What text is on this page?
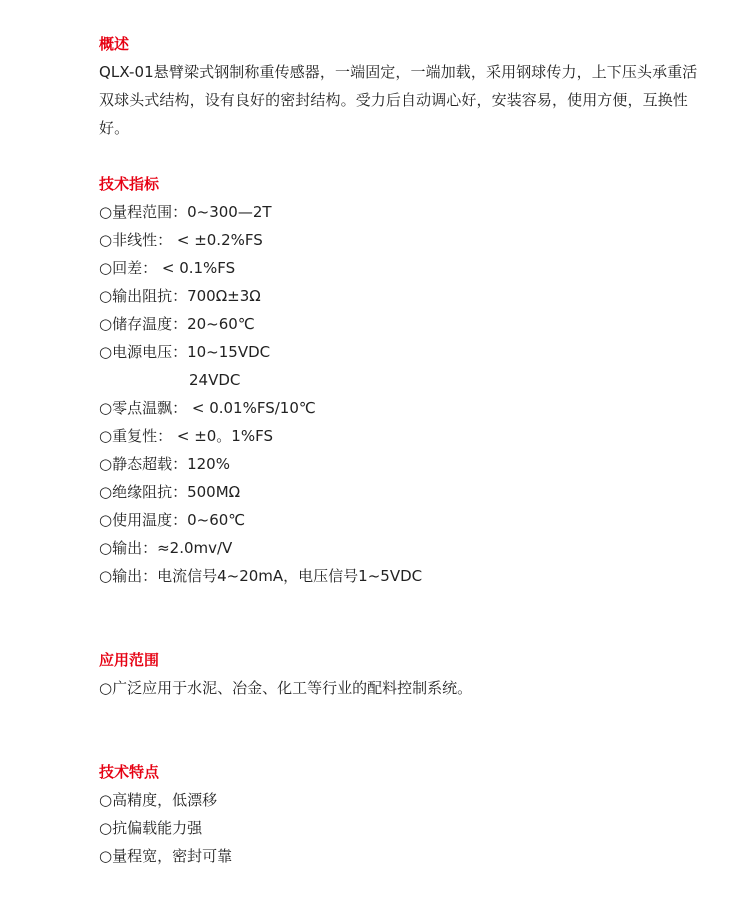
概述

QLX-01悬臂梁式钢制称重传感器，一端固定，一端加载，采用钢球传力，上下压头承重活双球头式结构，设有良好的密封结构。受力后自动调心好，安装容易，使用方便，互换性好。

技术指标
○量程范围：0~300—2T
○非线性： < ±0.2%FS
○回差： < 0.1%FS
○输出阻抗：700Ω±3Ω
○储存温度：20~60℃
○电源电压：10~15VDC
24VDC
○零点温飘： < 0.01%FS/10℃
○重复性： < ±0。1%FS
○静态超载：120%
○绝缘阻抗：500MΩ
○使用温度：0~60℃
○输出：≈2.0mv/V
○输出：电流信号4~20mA，电压信号1~5VDC
应用范围
○广泛应用于水泥、冶金、化工等行业的配料控制系统。
技术特点
○高精度，低漂移
○抗偏载能力强
○量程宽，密封可靠
